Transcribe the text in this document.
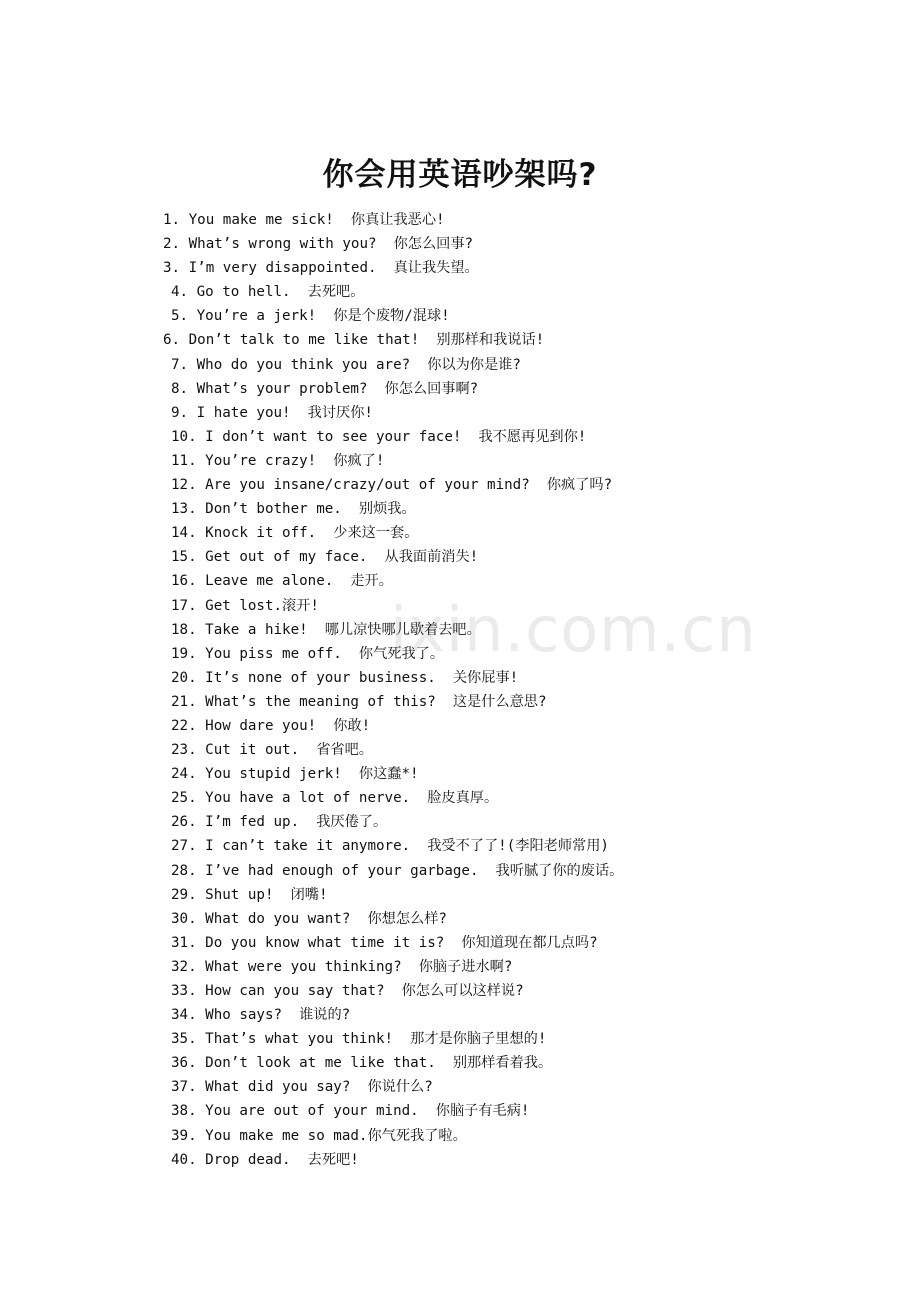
ixin.com.cn
你会用英语吵架吗?
1. You make me sick!  你真让我恶心!
2. What’s wrong with you?  你怎么回事?
3. I’m very disappointed.  真让我失望。
4. Go to hell.  去死吧。
5. You’re a jerk!  你是个废物/混球!
6. Don’t talk to me like that!  别那样和我说话!
7. Who do you think you are?  你以为你是谁?
8. What’s your problem?  你怎么回事啊?
9. I hate you!  我讨厌你!
10. I don’t want to see your face!  我不愿再见到你!
11. You’re crazy!  你疯了!
12. Are you insane/crazy/out of your mind?  你疯了吗?
13. Don’t bother me.  别烦我。
14. Knock it off.  少来这一套。
15. Get out of my face.  从我面前消失!
16. Leave me alone.  走开。
17. Get lost.滚开!
18. Take a hike!  哪儿凉快哪儿歇着去吧。
19. You piss me off.  你气死我了。
20. It’s none of your business.  关你屁事!
21. What’s the meaning of this?  这是什么意思?
22. How dare you!  你敢!
23. Cut it out.  省省吧。
24. You stupid jerk!  你这蠢*!
25. You have a lot of nerve.  脸皮真厚。
26. I’m fed up.  我厌倦了。
27. I can’t take it anymore.  我受不了了!(李阳老师常用)
28. I’ve had enough of your garbage.  我听腻了你的废话。
29. Shut up!  闭嘴!
30. What do you want?  你想怎么样?
31. Do you know what time it is?  你知道现在都几点吗?
32. What were you thinking?  你脑子进水啊?
33. How can you say that?  你怎么可以这样说?
34. Who says?  谁说的?
35. That’s what you think!  那才是你脑子里想的!
36. Don’t look at me like that.  别那样看着我。
37. What did you say?  你说什么?
38. You are out of your mind.  你脑子有毛病!
39. You make me so mad.你气死我了啦。
40. Drop dead.  去死吧!
